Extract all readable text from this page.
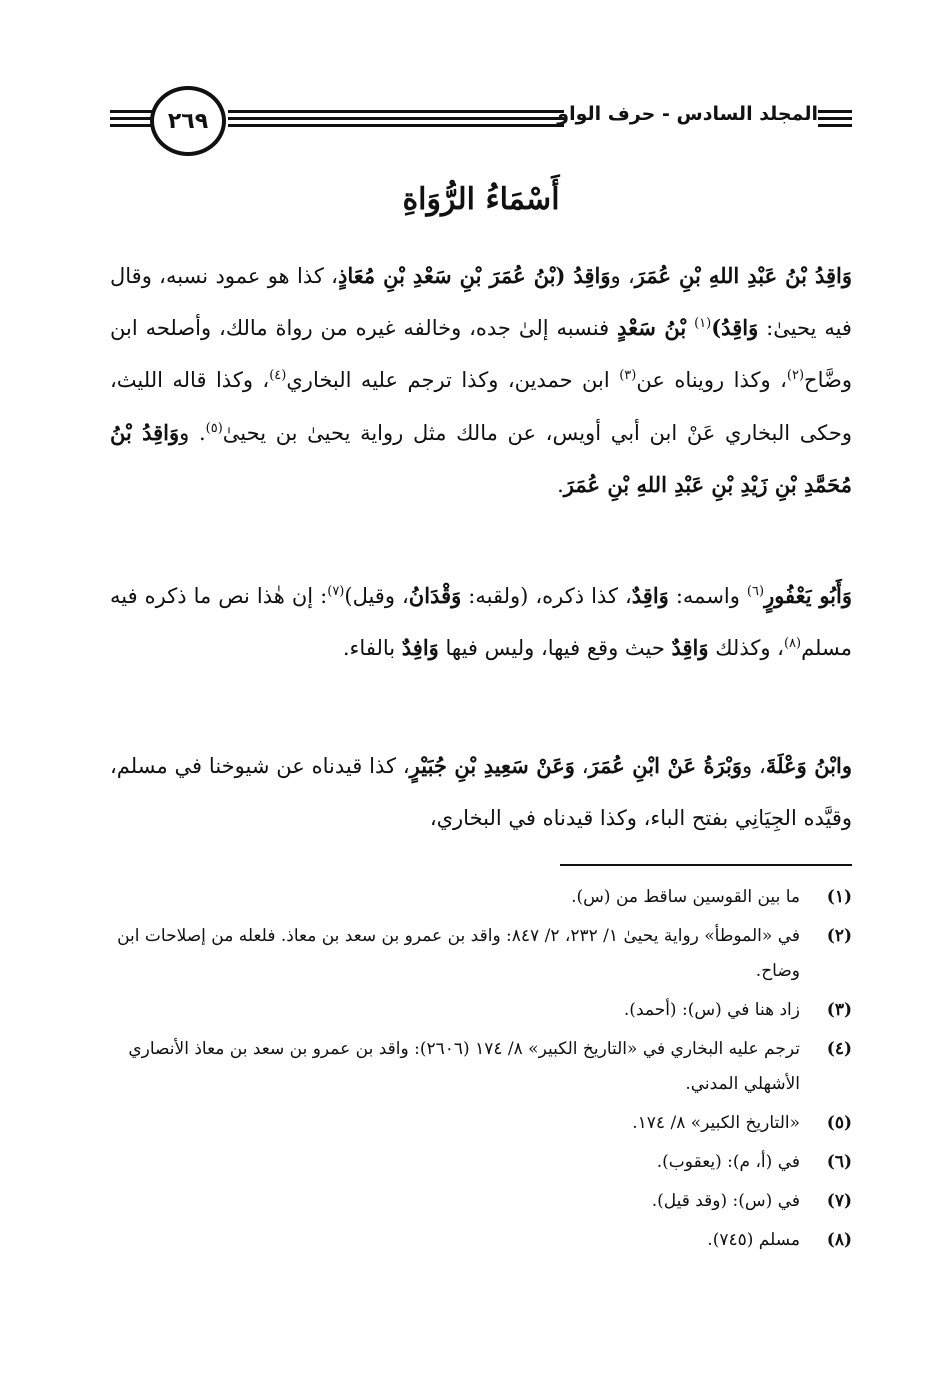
٢٦٩	المجلد السادس - حرف الواو
أَسْمَاءُ الرُّوَاةِ

وَاقِدُ بْنُ عَبْدِ اللهِ بْنِ عُمَرَ، ووَاقِدُ (بْنُ عُمَرَ بْنِ سَعْدِ بْنِ مُعَاذٍ، كذا هو عمود نسبه، وقال فيه يحيىٰ: وَاقِدُ)$^{(١)}$ بْنُ سَعْدٍ فنسبه إلىٰ جده، وخالفه غيره من رواة مالك، وأصلحه ابن وضَّاح$^{(٢)}$، وكذا رويناه عن$^{(٣)}$ ابن حمدين، وكذا ترجم عليه البخاري$^{(٤)}$، وكذا قاله الليث، وحكى البخاري عَنْ ابن أبي أويس، عن مالك مثل رواية يحيىٰ بن يحيىٰ$^{(٥)}$. ووَاقِدُ بْنُ مُحَمَّدِ بْنِ زَيْدِ بْنِ عَبْدِ اللهِ بْنِ عُمَرَ.

وَأَبُو يَعْفُورٍ$^{(٦)}$ واسمه: وَاقِدٌ، كذا ذكره، (ولقبه: وَقْدَانُ، وقيل)$^{(٧)}$: إن هٰذا نص ما ذكره فيه مسلم$^{(٨)}$، وكذلك وَاقِدٌ حيث وقع فيها، وليس فيها وَافِدٌ بالفاء.

وابْنُ وَعْلَةَ، ووَبْرَةُ عَنْ ابْنِ عُمَرَ، وَعَنْ سَعِيدِ بْنِ جُبَيْرٍ، كذا قيدناه عن شيوخنا في مسلم، وقيَّده الجِيَانِي بفتح الباء، وكذا قيدناه في البخاري،

(١)
ما بين القوسين ساقط من (س).
(٢)
في «الموطأ» رواية يحيىٰ ١/ ٢٣٢، ٢/ ٨٤٧: واقد بن عمرو بن سعد بن معاذ. فلعله من إصلاحات ابن وضاح.
(٣)
زاد هنا في (س): (أحمد).
(٤)
ترجم عليه البخاري في «التاريخ الكبير» ٨/ ١٧٤ (٢٦٠٦): واقد بن عمرو بن سعد بن معاذ الأنصاري الأشهلي المدني.
(٥)
«التاريخ الكبير» ٨/ ١٧٤.
(٦)
في (أ، م): (يعقوب).
(٧)
في (س): (وقد قيل).
(٨)
مسلم (٧٤٥).
